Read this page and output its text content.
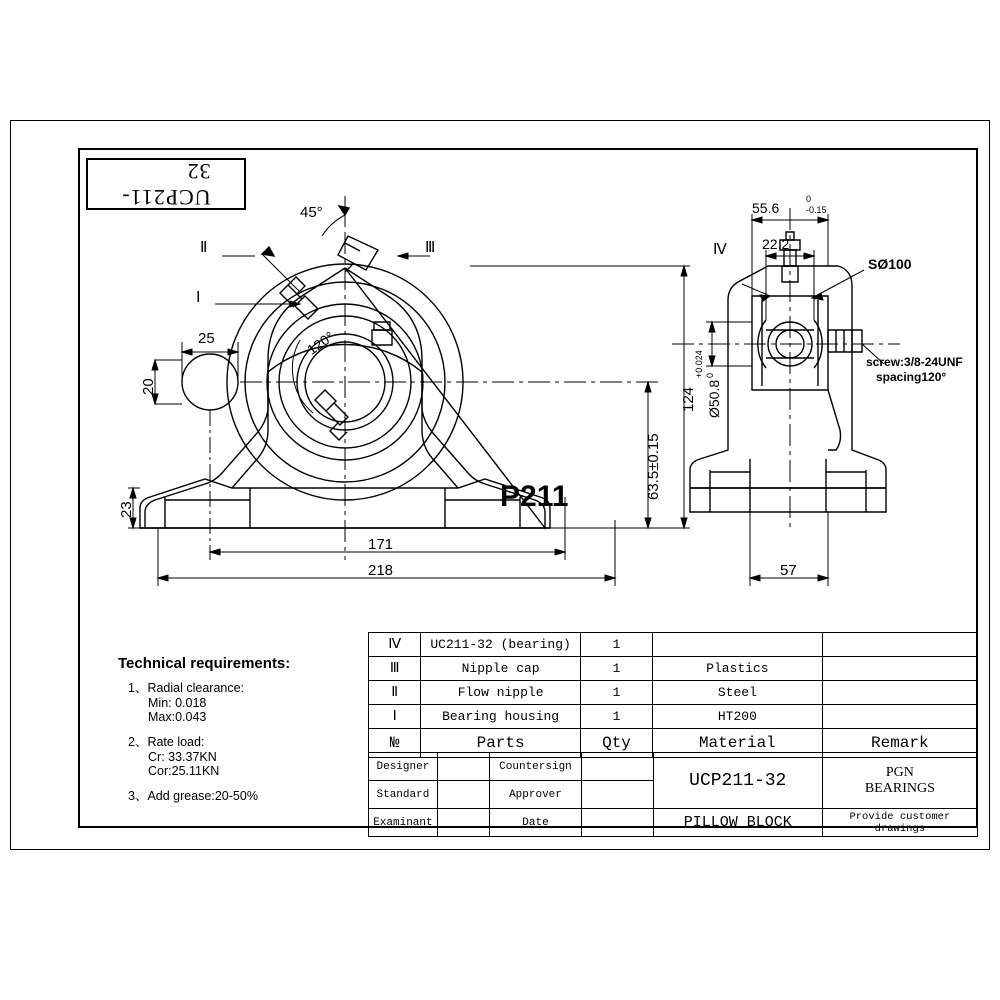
UCP211-32
Ⅱ
Ⅰ
Ⅲ
45°
120°
25
20
23
171
218
63.5±0.15
124
P211
55.6
0
-0.15
22.2
Ⅳ
SØ100
Ø50.8
+0.024 0
screw:3/8-24UNF
spacing120°
57
Technical requirements:
1、Radial clearance:
Min: 0.018
Max:0.043
2、Rate load:
Cr: 33.37KN
Cor:25.11KN
3、Add grease:20-50%
Ⅳ	UC211-32 (bearing)	1		
Ⅲ	Nipple cap	1	Plastics	
Ⅱ	Flow nipple	1	Steel	
Ⅰ	Bearing housing	1	HT200	
№	Parts	Qty	Material	Remark
Designer		Countersign		UCP211-32	PGN
BEARINGS

Standard		Approver			
Examinant		Date		PILLOW BLOCK	Provide customer drawings
